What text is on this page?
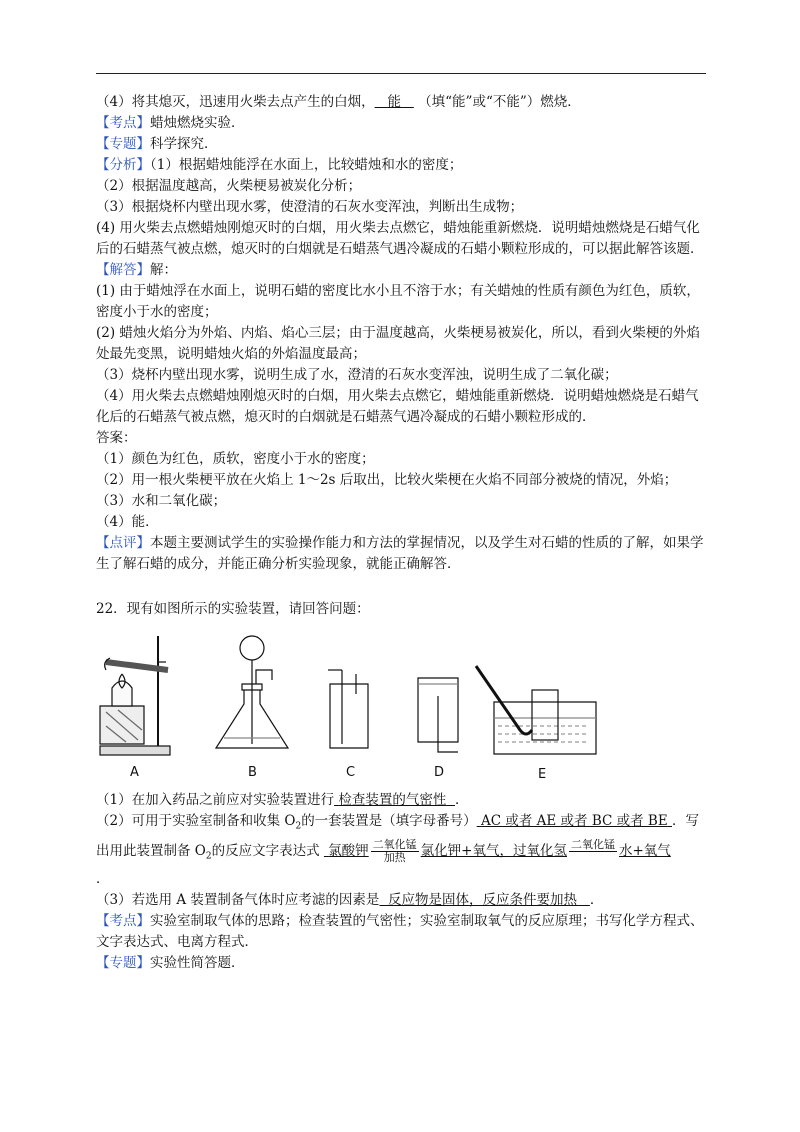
（4）将其熄灭，迅速用火柴去点产生的白烟， 能 （填“能”或“不能”）燃烧．
【考点】蜡烛燃烧实验．
【专题】科学探究．
【分析】（1）根据蜡烛能浮在水面上，比较蜡烛和水的密度；
（2）根据温度越高，火柴梗易被炭化分析；
（3）根据烧杯内壁出现水雾，使澄清的石灰水变浑浊，判断出生成物；
(4) 用火柴去点燃蜡烛刚熄灭时的白烟，用火柴去点燃它，蜡烛能重新燃烧．说明蜡烛燃烧是石蜡气化后的石蜡蒸气被点燃，熄灭时的白烟就是石蜡蒸气遇冷凝成的石蜡小颗粒形成的，可以据此解答该题．
【解答】解：
(1) 由于蜡烛浮在水面上，说明石蜡的密度比水小且不溶于水；有关蜡烛的性质有颜色为红色，质软，密度小于水的密度；
(2) 蜡烛火焰分为外焰、内焰、焰心三层；由于温度越高，火柴梗易被炭化，所以，看到火柴梗的外焰处最先变黑，说明蜡烛火焰的外焰温度最高；
（3）烧杯内壁出现水雾，说明生成了水，澄清的石灰水变浑浊，说明生成了二氧化碳；
（4）用火柴去点燃蜡烛刚熄灭时的白烟，用火柴去点燃它，蜡烛能重新燃烧．说明蜡烛燃烧是石蜡气化后的石蜡蒸气被点燃，熄灭时的白烟就是石蜡蒸气遇冷凝成的石蜡小颗粒形成的．
答案：
（1）颜色为红色，质软，密度小于水的密度；
（2）用一根火柴梗平放在火焰上 1～2s 后取出，比较火柴梗在火焰不同部分被烧的情况，外焰；
（3）水和二氧化碳；
（4）能．
【点评】本题主要测试学生的实验操作能力和方法的掌握情况，以及学生对石蜡的性质的了解，如果学生了解石蜡的成分，并能正确分析实验现象，就能正确解答．
22．现有如图所示的实验装置，请回答问题：
A	B	C	D	E
（1）在加入药品之前应对实验装置进行 检查装置的气密性 ．
（2）可用于实验室制备和收集 $O_2$的一套装置是（填字母番号） AC 或者 AE 或者 BC 或者 BE ．写
出用此装置制备 $O_2$的反应文字表达式 氯酸钾 二氧化锰
加热	氯化钾+氧气，过氧化氢 二氧化锰
水+氧气
．
（3）若选用 A 装置制备气体时应考滤的因素是 反应物是固体，反应条件要加热 ．
【考点】实验室制取气体的思路；检查装置的气密性；实验室制取氧气的反应原理；书写化学方程式、文字表达式、电离方程式．
【专题】实验性简答题．
